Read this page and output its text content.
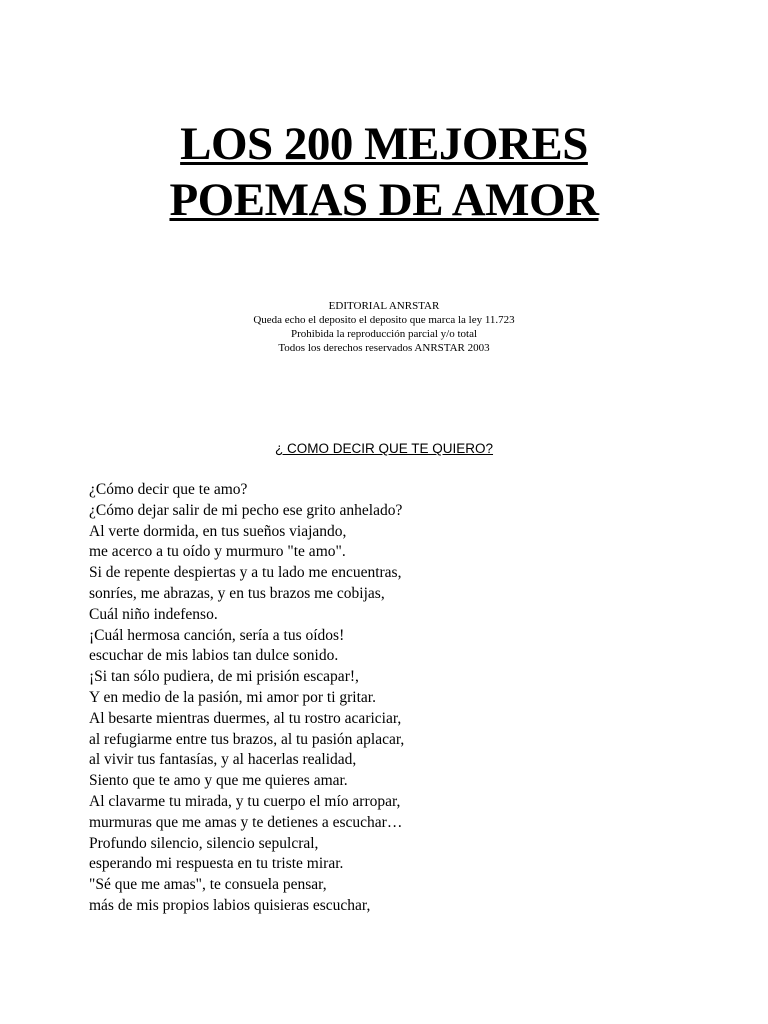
LOS 200 MEJORES
POEMAS DE AMOR
EDITORIAL ANRSTAR
Queda echo el deposito el deposito que marca la ley 11.723
Prohibida la reproducción parcial y/o total
Todos los derechos reservados ANRSTAR 2003
¿ COMO DECIR QUE TE QUIERO?
¿Cómo decir que te amo?
¿Cómo dejar salir de mi pecho ese grito anhelado?
Al verte dormida, en tus sueños viajando,
me acerco a tu oído y murmuro "te amo".
Si de repente despiertas y a tu lado me encuentras,
sonríes, me abrazas, y en tus brazos me cobijas,
Cuál niño indefenso.
¡Cuál hermosa canción, sería a tus oídos!
escuchar de mis labios tan dulce sonido.
¡Si tan sólo pudiera, de mi prisión escapar!,
Y en medio de la pasión, mi amor por ti gritar.
Al besarte mientras duermes, al tu rostro acariciar,
al refugiarme entre tus brazos, al tu pasión aplacar,
al vivir tus fantasías, y al hacerlas realidad,
Siento que te amo y que me quieres amar.
Al clavarme tu mirada, y tu cuerpo el mío arropar,
murmuras que me amas y te detienes a escuchar…
Profundo silencio, silencio sepulcral,
esperando mi respuesta en tu triste mirar.
"Sé que me amas", te consuela pensar,
más de mis propios labios quisieras escuchar,
